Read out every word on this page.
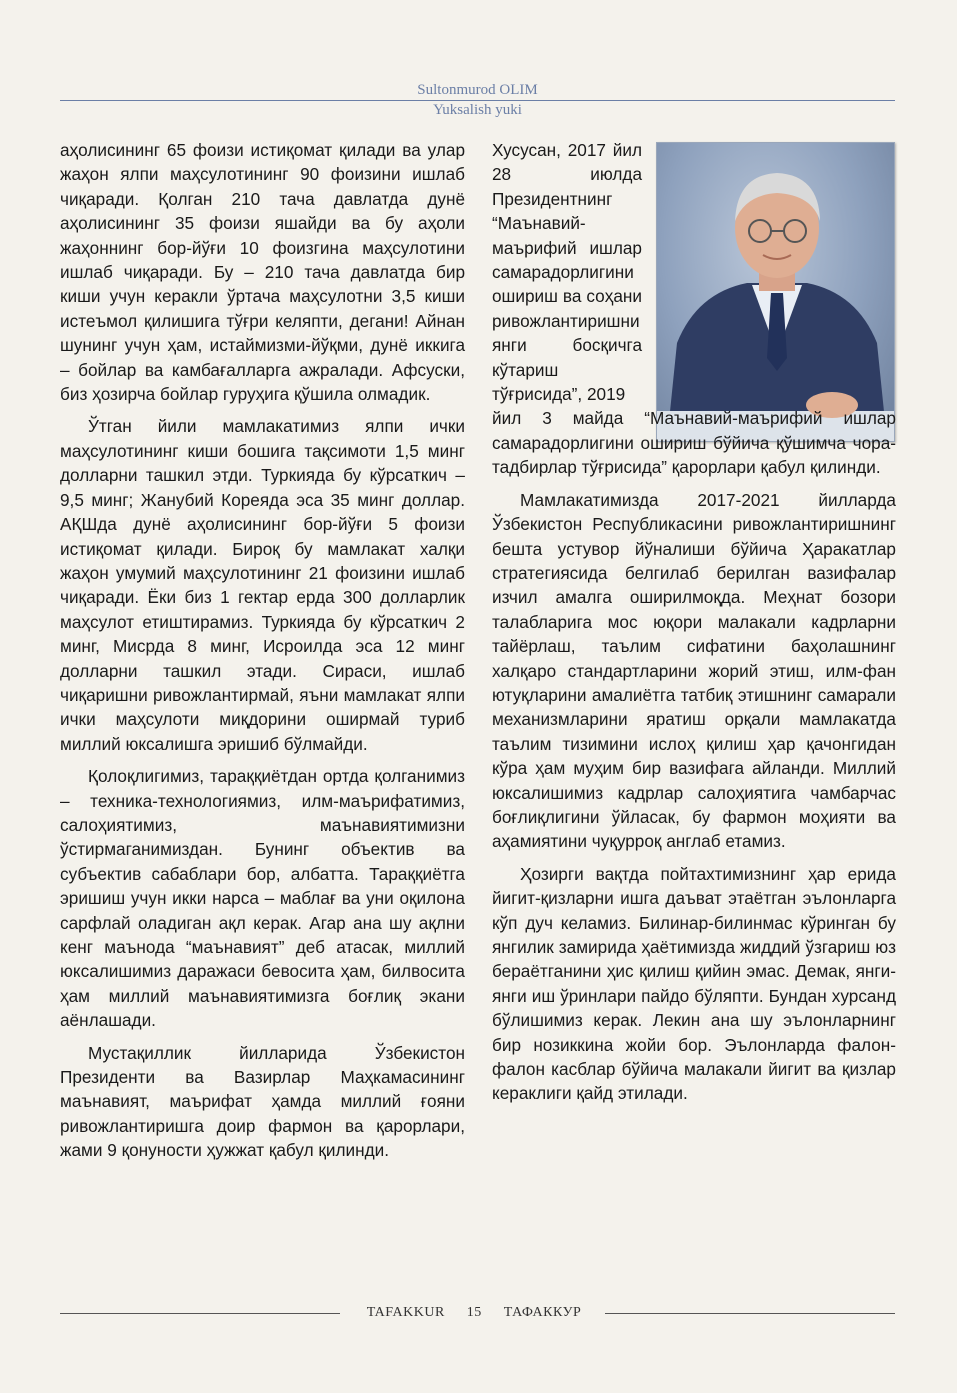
Sultonmurod OLIM
Yuksalish yuki

аҳолисининг 65 фоизи истиқомат қилади ва улар жаҳон ялпи маҳсулотининг 90 фоизини ишлаб чиқаради. Қолган 210 тача давлатда дунё аҳолисининг 35 фоизи яшайди ва бу аҳоли жаҳоннинг бор-йўғи 10 фоизгина маҳсулотини ишлаб чиқаради. Бу – 210 тача давлатда бир киши учун керакли ўртача маҳсулотни 3,5 киши истеъмол қилишига тўғри келяпти, дегани! Айнан шунинг учун ҳам, истаймизми-йўқми, дунё иккига – бойлар ва камбағалларга ажралади. Афсуски, биз ҳозирча бойлар гуруҳига қўшила олмадик.

Ўтган йили мамлакатимиз ялпи ички маҳсулотининг киши бошига тақсимоти 1,5 минг долларни ташкил этди. Туркияда бу кўрсаткич – 9,5 минг; Жанубий Кореяда эса 35 минг доллар. АҚШда дунё аҳолисининг бор-йўғи 5 фоизи истиқомат қилади. Бироқ бу мамлакат халқи жаҳон умумий маҳсулотининг 21 фоизини ишлаб чиқаради. Ёки биз 1 гектар ерда 300 долларлик маҳсулот етиштирамиз. Туркияда бу кўрсаткич 2 минг, Мисрда 8 минг, Исроилда эса 12 минг долларни ташкил этади. Сираси, ишлаб чиқаришни ривожлантирмай, яъни мамлакат ялпи ички маҳсулоти миқдорини оширмай туриб миллий юксалишга эришиб бўлмайди.

Қолоқлигимиз, тараққиётдан ортда қолганимиз – техника-технологиямиз, илм-маърифатимиз, салоҳиятимиз, маънавиятимизни ўстирмаганимиздан. Бунинг объектив ва субъектив сабаблари бор, албатта. Тараққиётга эришиш учун икки нарса – маблағ ва уни оқилона сарфлай оладиган ақл керак. Агар ана шу ақлни кенг маънода “маънавият” деб атасак, миллий юксалишимиз даражаси бевосита ҳам, билвосита ҳам миллий маънавиятимизга боғлиқ экани аёнлашади.

Мустақиллик йилларида Ўзбекистон Президенти ва Вазирлар Маҳкамасининг маънавият, маърифат ҳамда миллий ғояни ривожлантиришга доир фармон ва қарорлари, жами 9 қонуности ҳужжат қабул қилинди.

Хусусан, 2017 йил 28 июлда Президентнинг “Маънавий-маърифий ишлар самарадорлигини ошириш ва соҳани ривожлантиришни янги босқичга кўтариш тўғрисида”, 2019

йил 3 майда “Маънавий-маърифий ишлар самарадорлигини ошириш бўйича қўшимча чора-тадбирлар тўғрисида” қарорлари қабул қилинди.

Мамлакатимизда 2017-2021 йилларда Ўзбекистон Республикасини ривожлантиришнинг бешта устувор йўналиши бўйича Ҳаракатлар стратегиясида белгилаб берилган вазифалар изчил амалга оширилмоқда. Меҳнат бозори талабларига мос юқори малакали кадрларни тайёрлаш, таълим сифатини баҳолашнинг халқаро стандартларини жорий этиш, илм-фан ютуқларини амалиётга татбиқ этишнинг самарали механизмларини яратиш орқали мамлакатда таълим тизимини ислоҳ қилиш ҳар қачонгидан кўра ҳам муҳим бир вазифага айланди. Миллий юксалишимиз кадрлар салоҳиятига чамбарчас боғлиқлигини ўйласак, бу фармон моҳияти ва аҳамиятини чуқурроқ англаб етамиз.

Ҳозирги вақтда пойтахтимизнинг ҳар ерида йигит-қизларни ишга даъват этаётган эълонларга кўп дуч келамиз. Билинар-билинмас кўринган бу янгилик замирида ҳаётимизда жиддий ўзгариш юз бераётганини ҳис қилиш қийин эмас. Демак, янги-янги иш ўринлари пайдо бўляпти. Бундан хурсанд бўлишимиз керак. Лекин ана шу эълонларнинг бир нозиккина жойи бор. Эълонларда фалон-фалон касблар бўйича малакали йигит ва қизлар кераклиги қайд этилади.

TAFAKKUR 15 ТАФАККУР
